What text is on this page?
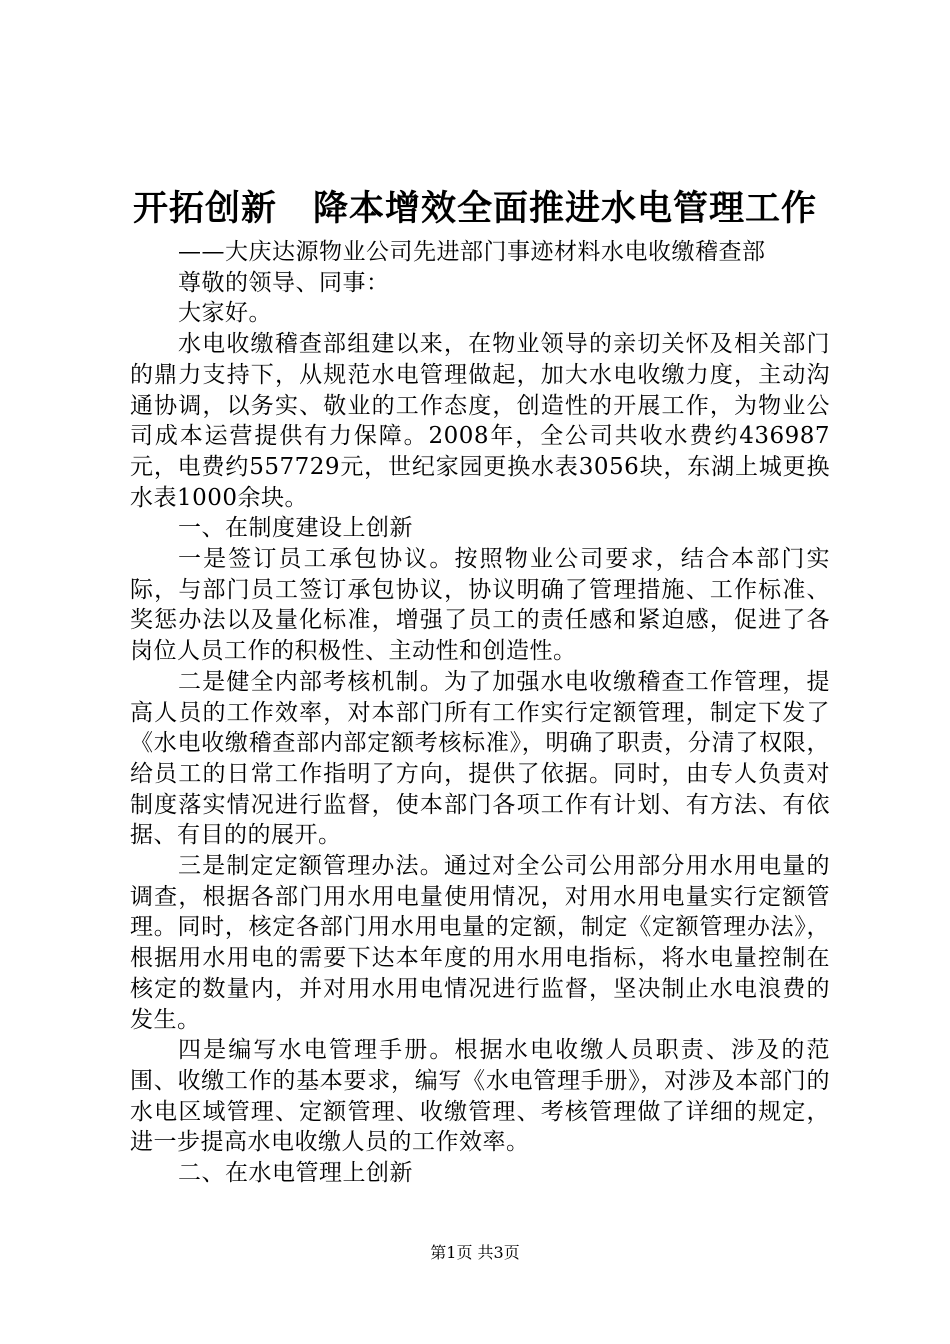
开拓创新　降本增效全面推进水电管理工作

——大庆达源物业公司先进部门事迹材料水电收缴稽查部

尊敬的领导、同事：

大家好。

水电收缴稽查部组建以来，在物业领导的亲切关怀及相关部门的鼎力支持下，从规范水电管理做起，加大水电收缴力度，主动沟通协调，以务实、敬业的工作态度，创造性的开展工作，为物业公司成本运营提供有力保障。2008年，全公司共收水费约436987元，电费约557729元，世纪家园更换水表3056块，东湖上城更换水表1000余块。

一、在制度建设上创新

一是签订员工承包协议。按照物业公司要求，结合本部门实际，与部门员工签订承包协议，协议明确了管理措施、工作标准、奖惩办法以及量化标准，增强了员工的责任感和紧迫感，促进了各岗位人员工作的积极性、主动性和创造性。

二是健全内部考核机制。为了加强水电收缴稽查工作管理，提高人员的工作效率，对本部门所有工作实行定额管理，制定下发了《水电收缴稽查部内部定额考核标准》，明确了职责，分清了权限，给员工的日常工作指明了方向，提供了依据。同时，由专人负责对制度落实情况进行监督，使本部门各项工作有计划、有方法、有依据、有目的的展开。

三是制定定额管理办法。通过对全公司公用部分用水用电量的调查，根据各部门用水用电量使用情况，对用水用电量实行定额管理。同时，核定各部门用水用电量的定额，制定《定额管理办法》，根据用水用电的需要下达本年度的用水用电指标，将水电量控制在核定的数量内，并对用水用电情况进行监督，坚决制止水电浪费的发生。

四是编写水电管理手册。根据水电收缴人员职责、涉及的范围、收缴工作的基本要求，编写《水电管理手册》，对涉及本部门的水电区域管理、定额管理、收缴管理、考核管理做了详细的规定，进一步提高水电收缴人员的工作效率。

二、在水电管理上创新

第1页 共3页
